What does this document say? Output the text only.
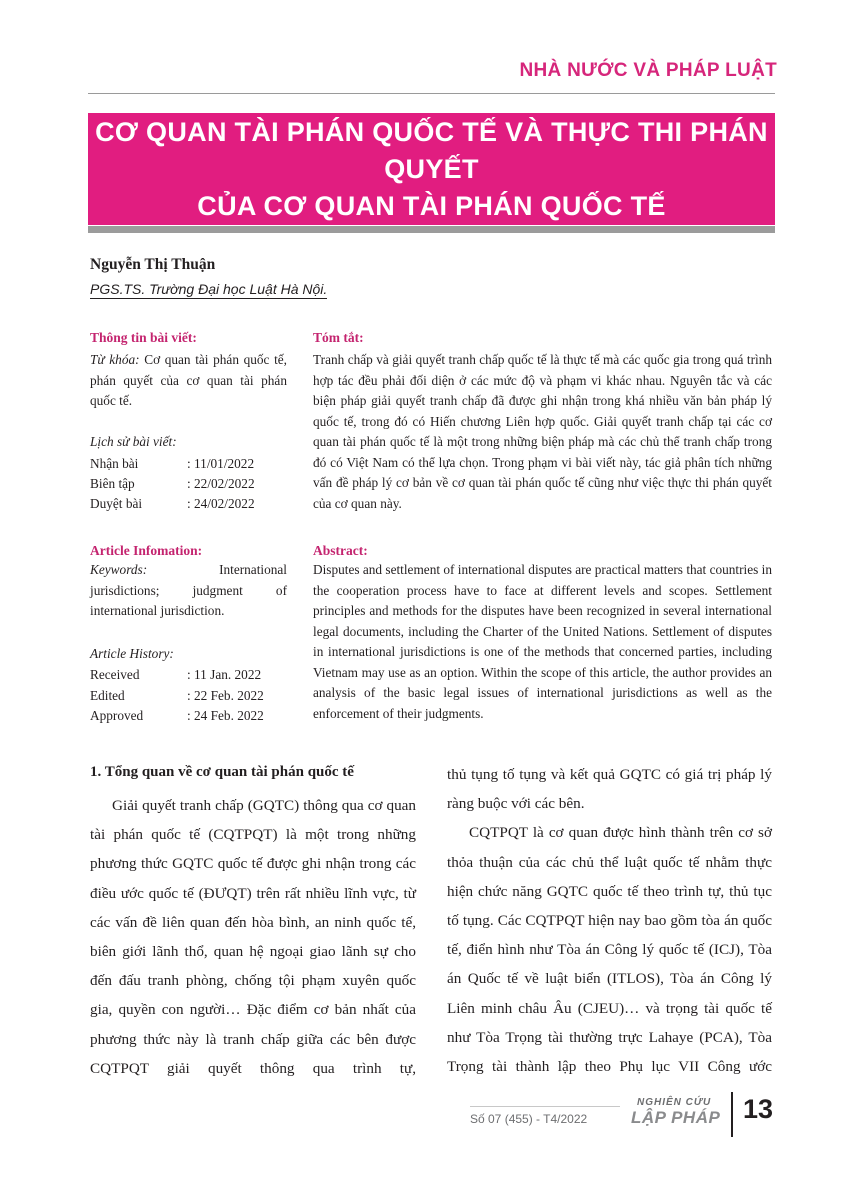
NHÀ NƯỚC VÀ PHÁP LUẬT
CƠ QUAN TÀI PHÁN QUỐC TẾ VÀ THỰC THI PHÁN QUYẾT
CỦA CƠ QUAN TÀI PHÁN QUỐC TẾ
Nguyễn Thị Thuận
PGS.TS. Trường Đại học Luật Hà Nội.
Thông tin bài viết:
Từ khóa: Cơ quan tài phán quốc tế, phán quyết của cơ quan tài phán quốc tế.
Lịch sử bài viết:
Nhận bài	: 11/01/2022
Biên tập	: 22/02/2022
Duyệt bài	: 24/02/2022
Tóm tắt:
Tranh chấp và giải quyết tranh chấp quốc tế là thực tế mà các quốc gia trong quá trình hợp tác đều phải đối diện ở các mức độ và phạm vi khác nhau. Nguyên tắc và các biện pháp giải quyết tranh chấp đã được ghi nhận trong khá nhiều văn bản pháp lý quốc tế, trong đó có Hiến chương Liên hợp quốc. Giải quyết tranh chấp tại các cơ quan tài phán quốc tế là một trong những biện pháp mà các chủ thể tranh chấp trong đó có Việt Nam có thể lựa chọn. Trong phạm vi bài viết này, tác giả phân tích những vấn đề pháp lý cơ bản về cơ quan tài phán quốc tế cũng như việc thực thi phán quyết của cơ quan này.
Article Infomation:
Keywords:	International jurisdictions; judgment of international jurisdiction.
Article History:
Received	: 11 Jan. 2022
Edited	: 22 Feb. 2022
Approved	: 24 Feb. 2022
Abstract:
Disputes and settlement of international disputes are practical matters that countries in the cooperation process have to face at different levels and scopes. Settlement principles and methods for the disputes have been recognized in several international legal documents, including the Charter of the United Nations. Settlement of disputes in international jurisdictions is one of the methods that concerned parties, including Vietnam may use as an option. Within the scope of this article, the author provides an analysis of the basic legal issues of international jurisdictions as well as the enforcement of their judgments.
1. Tổng quan về cơ quan tài phán quốc tế

Giải quyết tranh chấp (GQTC) thông qua cơ quan tài phán quốc tế (CQTPQT) là một trong những phương thức GQTC quốc tế được ghi nhận trong các điều ước quốc tế (ĐƯQT) trên rất nhiều lĩnh vực, từ các vấn đề liên quan đến hòa bình, an ninh quốc tế, biên giới lãnh thổ, quan hệ ngoại giao lãnh sự cho đến đấu tranh phòng, chống tội phạm xuyên quốc gia, quyền con người… Đặc điểm cơ bản nhất của phương thức này là tranh chấp giữa các bên được CQTPQT giải quyết thông qua trình tự,

thủ tụng tố tụng và kết quả GQTC có giá trị pháp lý ràng buộc với các bên.

CQTPQT là cơ quan được hình thành trên cơ sở thỏa thuận của các chủ thể luật quốc tế nhằm thực hiện chức năng GQTC quốc tế theo trình tự, thủ tục tố tụng. Các CQTPQT hiện nay bao gồm tòa án quốc tế, điển hình như Tòa án Công lý quốc tế (ICJ), Tòa án Quốc tế về luật biển (ITLOS), Tòa án Công lý Liên minh châu Âu (CJEU)… và trọng tài quốc tế như Tòa Trọng tài thường trực Lahaye (PCA), Tòa Trọng tài thành lập theo Phụ lục VII Công ước

Số 07 (455) - T4/2022
NGHIÊN CỨU
LẬP PHÁP 13
